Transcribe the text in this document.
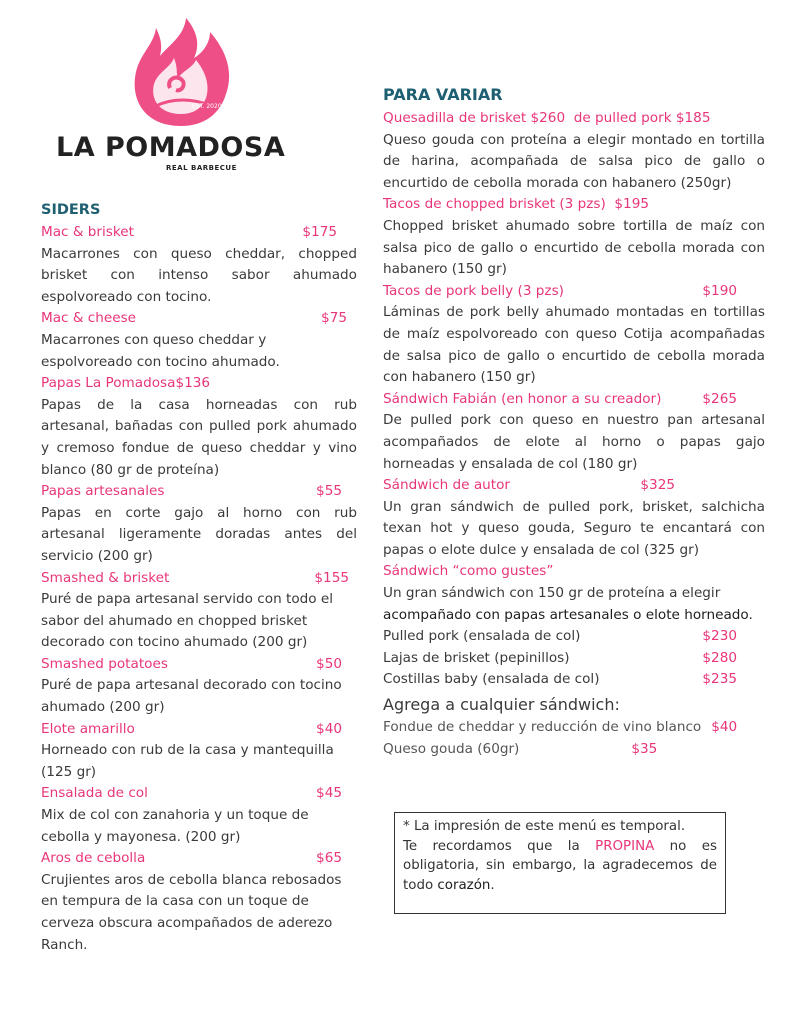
EST. 2020
LA POMADOSA
REAL BARBECUE
SIDERS
Mac & brisket	$175
Macarrones con queso cheddar, chopped brisket con intenso sabor ahumado espolvoreado con tocino.
Mac & cheese	$75
Macarrones con queso cheddar y espolvoreado con tocino ahumado.
Papas La Pomadosa $136
Papas de la casa horneadas con rub artesanal, bañadas con pulled pork ahumado y cremoso fondue de queso cheddar y vino blanco (80 gr de proteína)
Papas artesanales	$55
Papas en corte gajo al horno con rub artesanal ligeramente doradas antes del servicio (200 gr)
Smashed & brisket	$155
Puré de papa artesanal servido con todo el sabor del ahumado en chopped brisket decorado con tocino ahumado (200 gr)
Smashed potatoes	$50
Puré de papa artesanal decorado con tocino ahumado (200 gr)
Elote amarillo	$40
Horneado con rub de la casa y mantequilla (125 gr)
Ensalada de col	$45
Mix de col con zanahoria y un toque de cebolla y mayonesa. (200 gr)
Aros de cebolla	$65
Crujientes aros de cebolla blanca rebosados en tempura de la casa con un toque de cerveza obscura acompañados de aderezo Ranch.
PARA VARIAR
Quesadilla de brisket $260  de pulled pork $185
Queso gouda con proteína a elegir montado en tortilla de harina, acompañada de salsa pico de gallo o encurtido de cebolla morada con habanero (250gr)
Tacos de chopped brisket (3 pzs)  $195
Chopped brisket ahumado sobre tortilla de maíz con salsa pico de gallo o encurtido de cebolla morada con habanero (150 gr)
Tacos de pork belly (3 pzs)	$190
Láminas de pork belly ahumado montadas en tortillas de maíz espolvoreado con queso Cotija acompañadas de salsa pico de gallo o encurtido de cebolla morada con habanero (150 gr)
Sándwich Fabián (en honor a su creador)	$265
De pulled pork con queso en nuestro pan artesanal acompañados de elote al horno o papas gajo horneadas y ensalada de col (180 gr)
Sándwich de autor	$325
Un gran sándwich de pulled pork, brisket, salchicha texan hot y queso gouda, Seguro te encantará con papas o elote dulce y ensalada de col (325 gr)
Sándwich “como gustes”
Un gran sándwich con 150 gr de proteína a elegir
acompañado con papas artesanales o elote horneado.
Pulled pork (ensalada de col)	$230
Lajas de brisket (pepinillos)	$280
Costillas baby (ensalada de col)	$235
Agrega a cualquier sándwich:
Fondue de cheddar y reducción de vino blanco $40
Queso gouda (60gr)	$35
* La impresión de este menú es temporal.
Te recordamos que la PROPINA no es obligatoria, sin embargo, la agradecemos de todo corazón.
